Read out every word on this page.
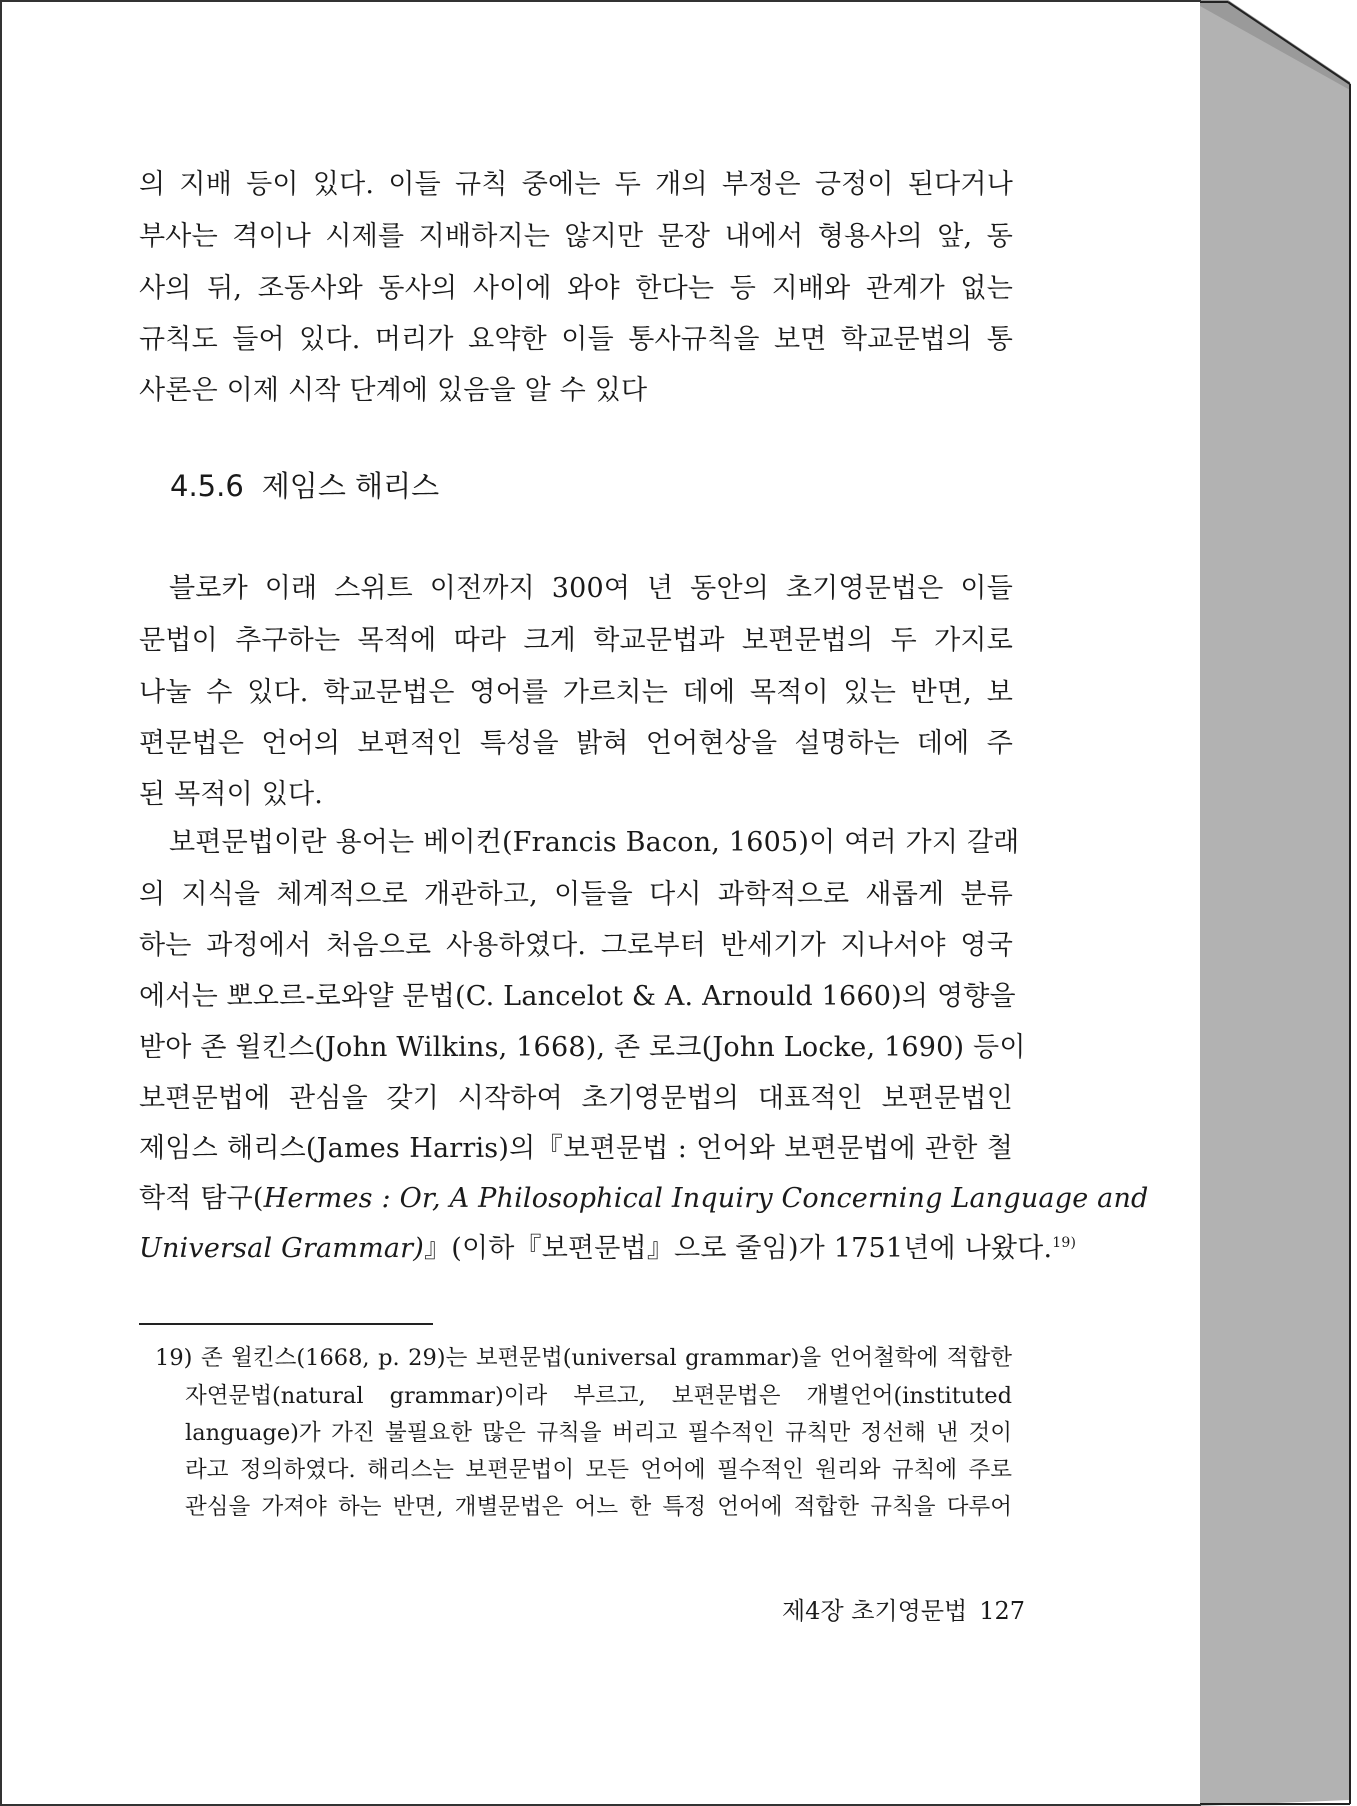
의 지배 등이 있다. 이들 규칙 중에는 두 개의 부정은 긍정이 된다거나
부사는 격이나 시제를 지배하지는 않지만 문장 내에서 형용사의 앞, 동
사의 뒤, 조동사와 동사의 사이에 와야 한다는 등 지배와 관계가 없는
규칙도 들어 있다. 머리가 요약한 이들 통사규칙을 보면 학교문법의 통
사론은 이제 시작 단계에 있음을 알 수 있다
4.5.6 제임스 해리스
블로카 이래 스위트 이전까지 300여 년 동안의 초기영문법은 이들
문법이 추구하는 목적에 따라 크게 학교문법과 보편문법의 두 가지로
나눌 수 있다. 학교문법은 영어를 가르치는 데에 목적이 있는 반면, 보
편문법은 언어의 보편적인 특성을 밝혀 언어현상을 설명하는 데에 주
된 목적이 있다.
보편문법이란 용어는 베이컨(Francis Bacon, 1605)이 여러 가지 갈래
의 지식을 체계적으로 개관하고, 이들을 다시 과학적으로 새롭게 분류
하는 과정에서 처음으로 사용하였다. 그로부터 반세기가 지나서야 영국
에서는 뽀오르-로와얄 문법(C. Lancelot & A. Arnould 1660)의 영향을
받아 존 윌킨스(John Wilkins, 1668), 존 로크(John Locke, 1690) 등이
보편문법에 관심을 갖기 시작하여 초기영문법의 대표적인 보편문법인
제임스 해리스(James Harris)의『보편문법 : 언어와 보편문법에 관한 철
학적 탐구(Hermes : Or, A Philosophical Inquiry Concerning Language and
Universal Grammar)』(이하『보편문법』으로 줄임)가 1751년에 나왔다.$^{19)}$
19) 존 윌킨스(1668, p. 29)는 보편문법(universal grammar)을 언어철학에 적합한
자연문법(natural grammar)이라 부르고, 보편문법은 개별언어(instituted
language)가 가진 불필요한 많은 규칙을 버리고 필수적인 규칙만 정선해 낸 것이
라고 정의하였다. 해리스는 보편문법이 모든 언어에 필수적인 원리와 규칙에 주로
관심을 가져야 하는 반면, 개별문법은 어느 한 특정 언어에 적합한 규칙을 다루어
제4장 초기영문법 127
